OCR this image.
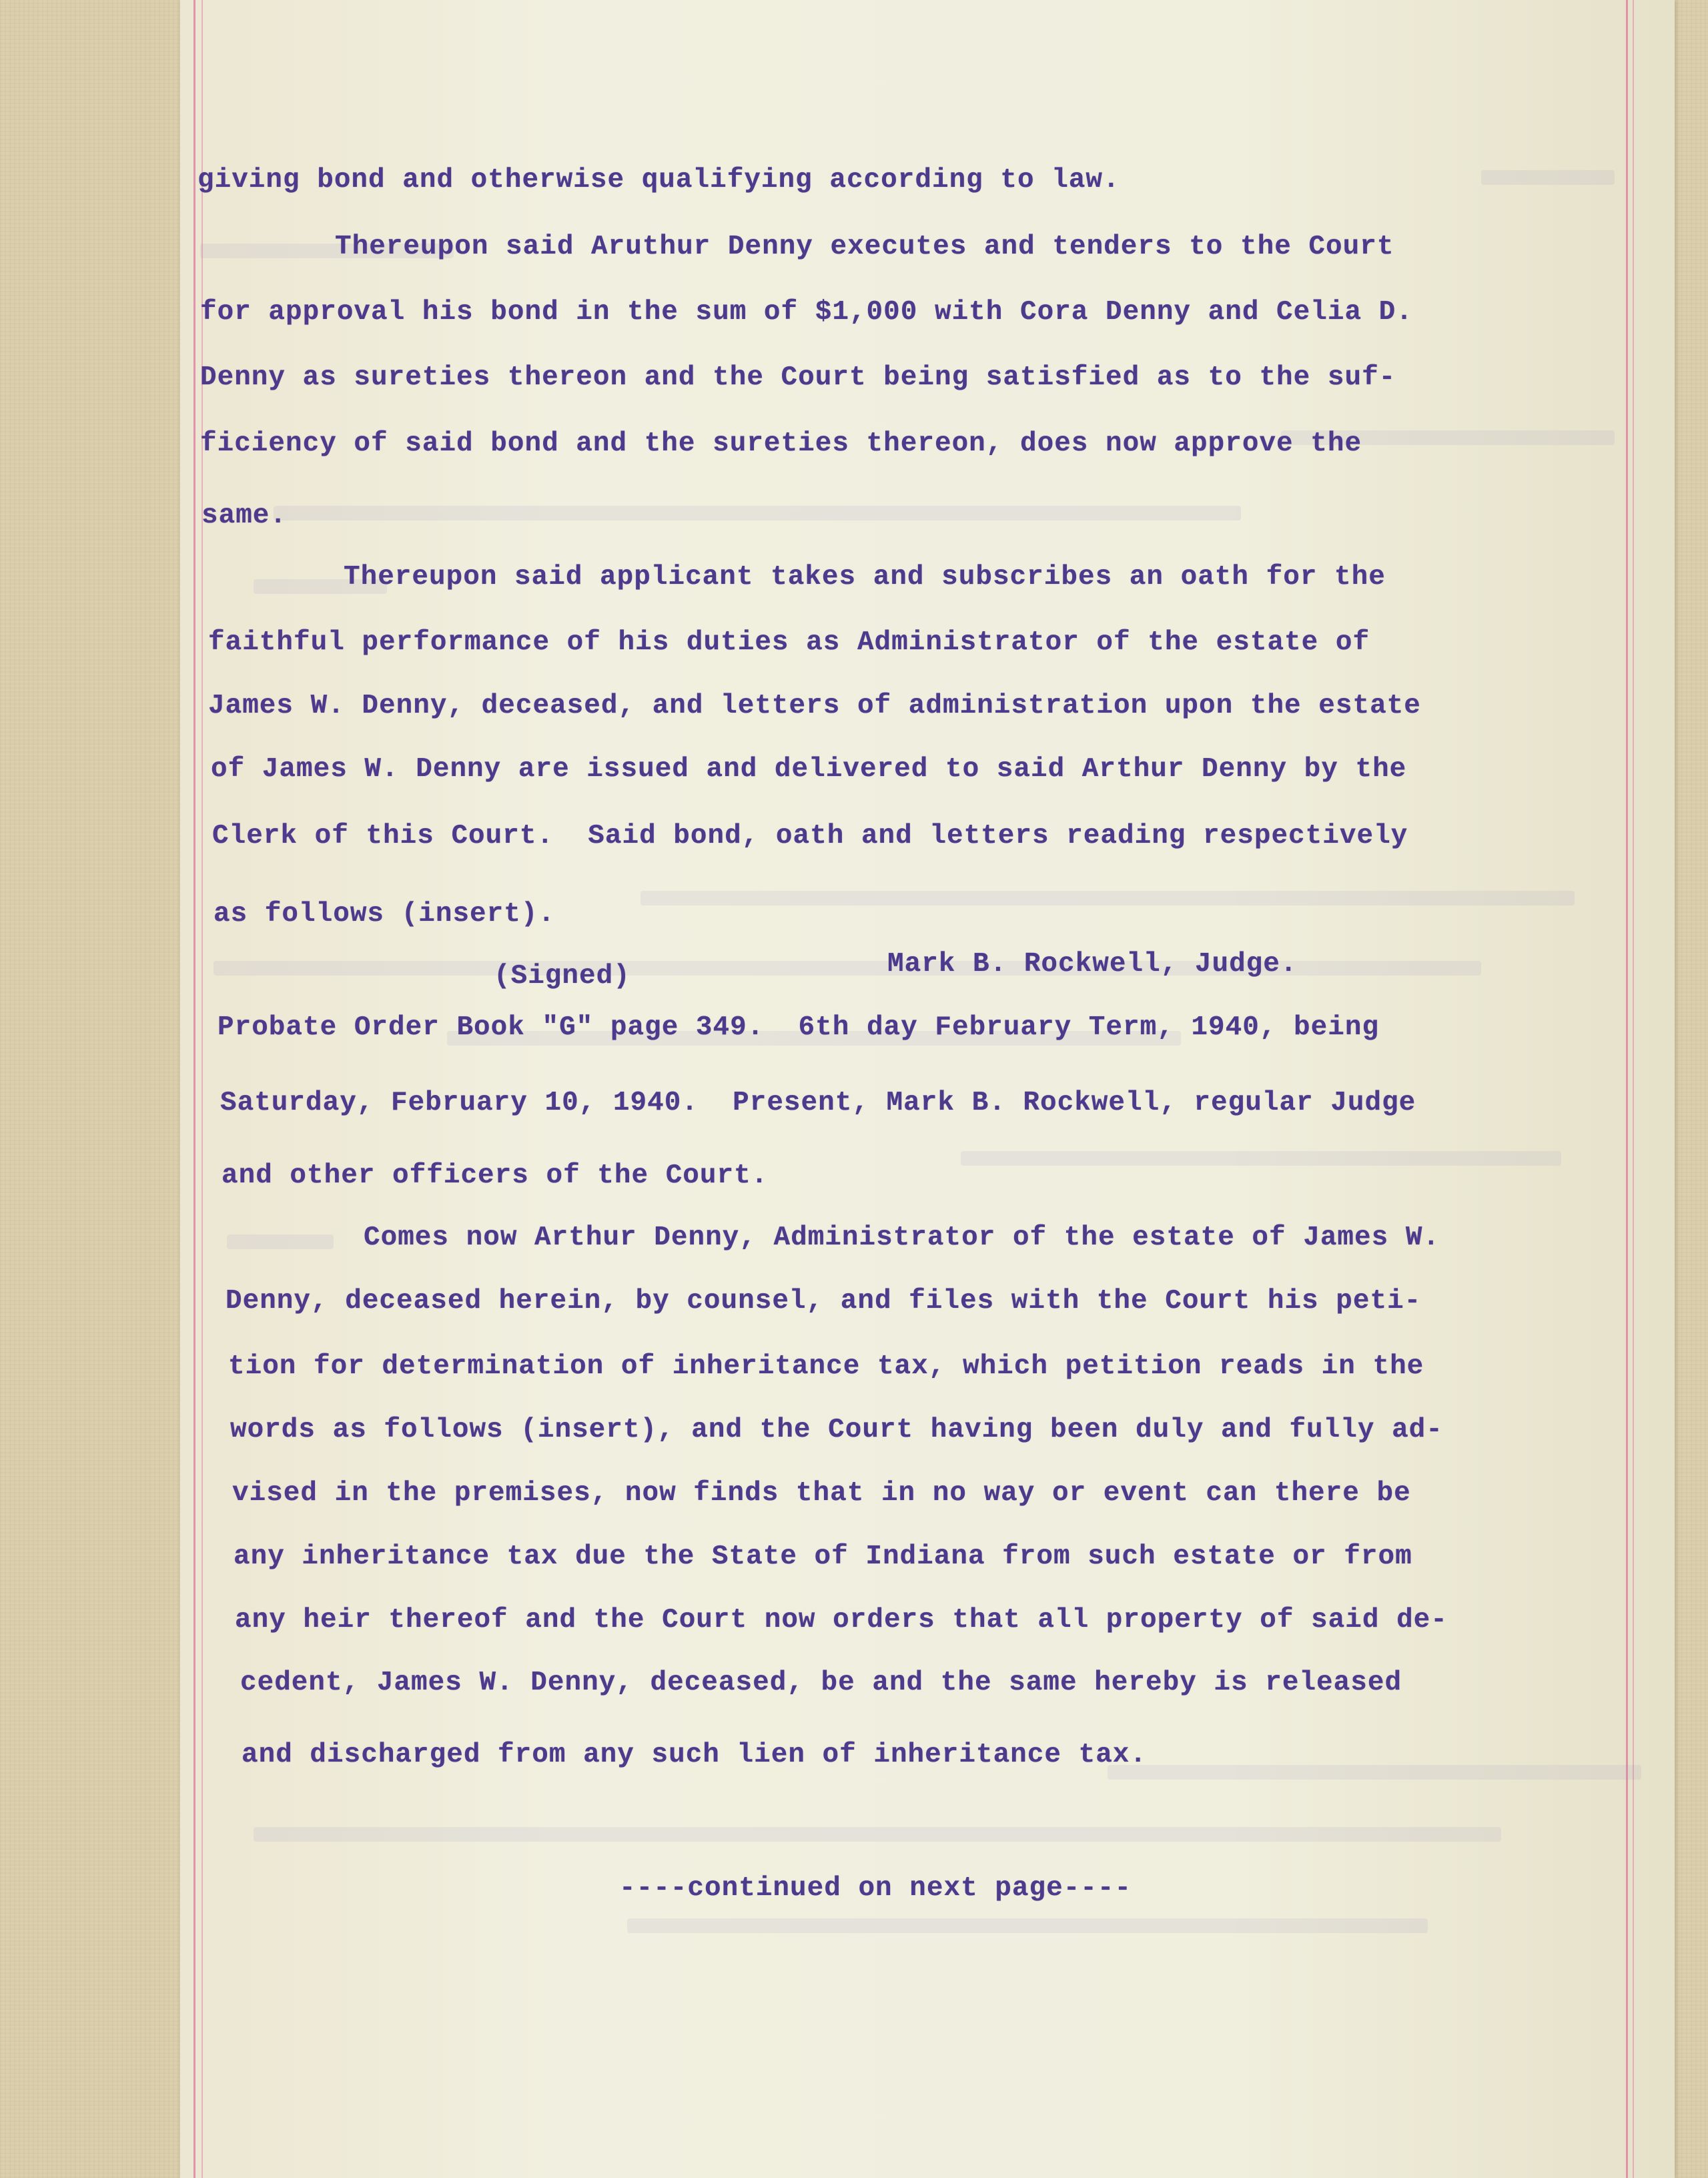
giving bond and otherwise qualifying according to law.
Thereupon said Aruthur Denny executes and tenders to the Court
for approval his bond in the sum of $1,000 with Cora Denny and Celia D.
Denny as sureties thereon and the Court being satisfied as to the suf-
ficiency of said bond and the sureties thereon, does now approve the
same.
Thereupon said applicant takes and subscribes an oath for the
faithful performance of his duties as Administrator of the estate of
James W. Denny, deceased, and letters of administration upon the estate
of James W. Denny are issued and delivered to said Arthur Denny by the
Clerk of this Court.  Said bond, oath and letters reading respectively
as follows (insert).
(Signed)	Mark B. Rockwell, Judge.
Probate Order Book "G" page 349.  6th day February Term, 1940, being
Saturday, February 10, 1940.  Present, Mark B. Rockwell, regular Judge
and other officers of the Court.
Comes now Arthur Denny, Administrator of the estate of James W.
Denny, deceased herein, by counsel, and files with the Court his peti-
tion for determination of inheritance tax, which petition reads in the
words as follows (insert), and the Court having been duly and fully ad-
vised in the premises, now finds that in no way or event can there be
any inheritance tax due the State of Indiana from such estate or from
any heir thereof and the Court now orders that all property of said de-
cedent, James W. Denny, deceased, be and the same hereby is released
and discharged from any such lien of inheritance tax.
----continued on next page----
